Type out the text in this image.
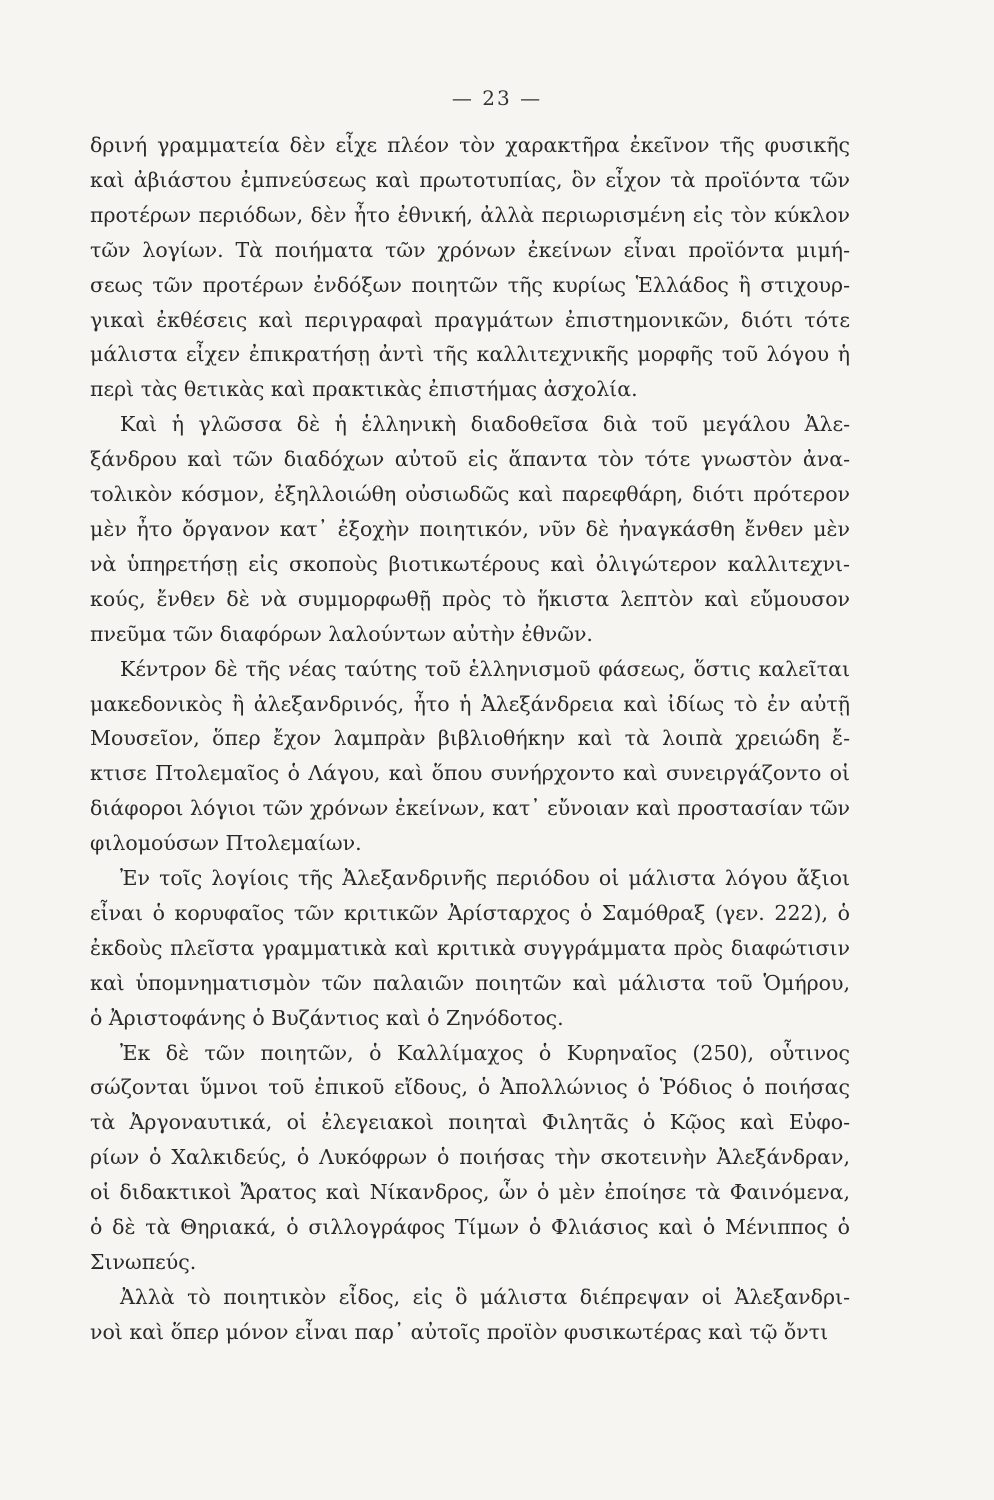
— 23 —
δρινή γραμματεία δὲν εἶχε πλέον τὸν χαρακτῆρα ἐκεῖνον τῆς φυσικῆς
καὶ ἀβιάστου ἐμπνεύσεως καὶ πρωτοτυπίας, ὃν εἶχον τὰ προϊόντα τῶν
προτέρων περιόδων, δὲν ἦτο ἐθνική, ἀλλὰ περιωρισμένη εἰς τὸν κύκλον
τῶν λογίων. Τὰ ποιήματα τῶν χρόνων ἐκείνων εἶναι προϊόντα μιμή-
σεως τῶν προτέρων ἐνδόξων ποιητῶν τῆς κυρίως Ἑλλάδος ἢ στιχουρ-
γικαὶ ἐκθέσεις καὶ περιγραφαὶ πραγμάτων ἐπιστημονικῶν, διότι τότε
μάλιστα εἶχεν ἐπικρατήσῃ ἀντὶ τῆς καλλιτεχνικῆς μορφῆς τοῦ λόγου ἡ
περὶ τὰς θετικὰς καὶ πρακτικὰς ἐπιστήμας ἀσχολία.
Καὶ ἡ γλῶσσα δὲ ἡ ἑλληνικὴ διαδοθεῖσα διὰ τοῦ μεγάλου Ἀλε-
ξάνδρου καὶ τῶν διαδόχων αὐτοῦ εἰς ἅπαντα τὸν τότε γνωστὸν ἀνα-
τολικὸν κόσμον, ἐξηλλοιώθη οὐσιωδῶς καὶ παρεφθάρη, διότι πρότερον
μὲν ἦτο ὄργανον κατ᾽ ἐξοχὴν ποιητικόν, νῦν δὲ ἠναγκάσθη ἔνθεν μὲν
νὰ ὑπηρετήσῃ εἰς σκοποὺς βιοτικωτέρους καὶ ὀλιγώτερον καλλιτεχνι-
κούς, ἔνθεν δὲ νὰ συμμορφωθῇ πρὸς τὸ ἥκιστα λεπτὸν καὶ εὔμουσον
πνεῦμα τῶν διαφόρων λαλούντων αὐτὴν ἐθνῶν.
Κέντρον δὲ τῆς νέας ταύτης τοῦ ἑλληνισμοῦ φάσεως, ὅστις καλεῖται
μακεδονικὸς ἢ ἀλεξανδρινός, ἦτο ἡ Ἀλεξάνδρεια καὶ ἰδίως τὸ ἐν αὐτῇ
Μουσεῖον, ὅπερ ἔχον λαμπρὰν βιβλιοθήκην καὶ τὰ λοιπὰ χρειώδη ἔ-
κτισε Πτολεμαῖος ὁ Λάγου, καὶ ὅπου συνήρχοντο καὶ συνειργάζοντο οἱ
διάφοροι λόγιοι τῶν χρόνων ἐκείνων, κατ᾽ εὔνοιαν καὶ προστασίαν τῶν
φιλομούσων Πτολεμαίων.
Ἐν τοῖς λογίοις τῆς Ἀλεξανδρινῆς περιόδου οἱ μάλιστα λόγου ἄξιοι
εἶναι ὁ κορυφαῖος τῶν κριτικῶν Ἀρίσταρχος ὁ Σαμόθραξ (γεν. 222), ὁ
ἐκδοὺς πλεῖστα γραμματικὰ καὶ κριτικὰ συγγράμματα πρὸς διαφώτισιν
καὶ ὑπομνηματισμὸν τῶν παλαιῶν ποιητῶν καὶ μάλιστα τοῦ Ὁμήρου,
ὁ Ἀριστοφάνης ὁ Βυζάντιος καὶ ὁ Ζηνόδοτος.
Ἐκ δὲ τῶν ποιητῶν, ὁ Καλλίμαχος ὁ Κυρηναῖος (250), οὗτινος
σώζονται ὕμνοι τοῦ ἐπικοῦ εἴδους, ὁ Ἀπολλώνιος ὁ Ῥόδιος ὁ ποιήσας
τὰ Ἀργοναυτικά, οἱ ἐλεγειακοὶ ποιηταὶ Φιλητᾶς ὁ Κῷος καὶ Εὐφο-
ρίων ὁ Χαλκιδεύς, ὁ Λυκόφρων ὁ ποιήσας τὴν σκοτεινὴν Ἀλεξάνδραν,
οἱ διδακτικοὶ Ἄρατος καὶ Νίκανδρος, ὧν ὁ μὲν ἐποίησε τὰ Φαινόμενα,
ὁ δὲ τὰ Θηριακά, ὁ σιλλογράφος Τίμων ὁ Φλιάσιος καὶ ὁ Μένιππος ὁ
Σινωπεύς.
Ἀλλὰ τὸ ποιητικὸν εἶδος, εἰς ὃ μάλιστα διέπρεψαν οἱ Ἀλεξανδρι-
νοὶ καὶ ὅπερ μόνον εἶναι παρ᾽ αὐτοῖς προϊὸν φυσικωτέρας καὶ τῷ ὄντι
